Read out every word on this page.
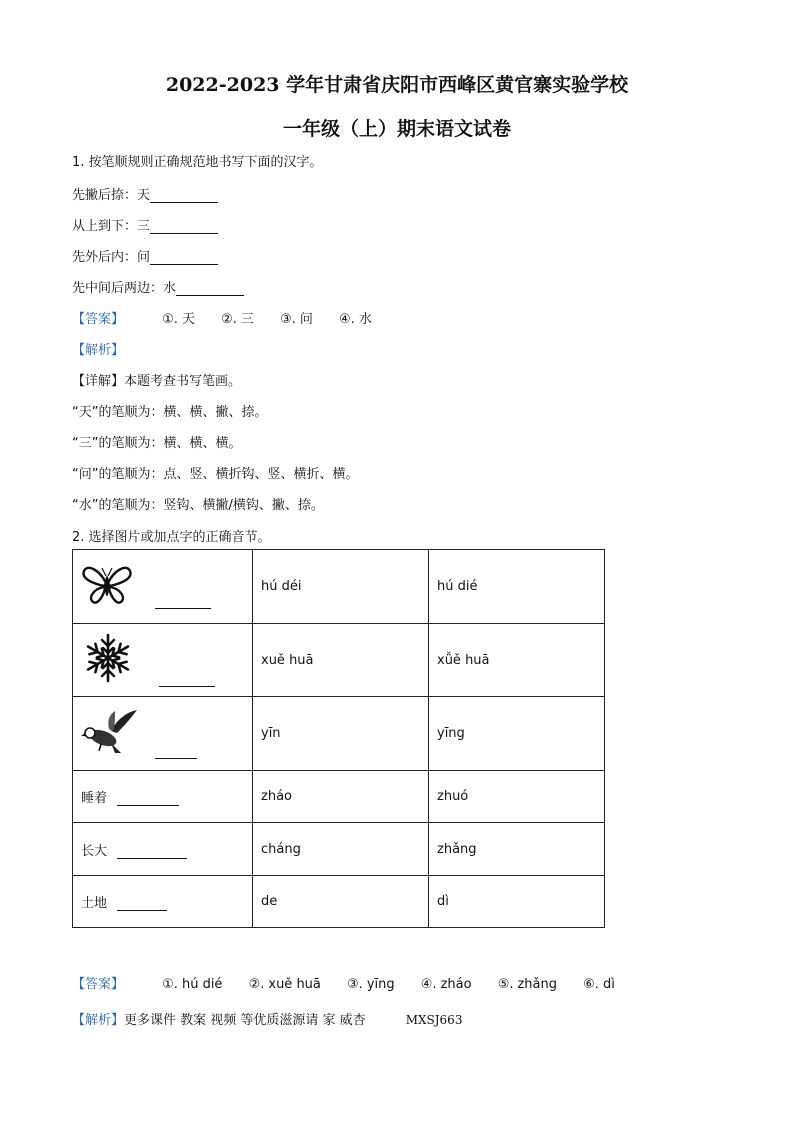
2022-2023 学年甘肃省庆阳市西峰区黄官寨实验学校
一年级（上）期末语文试卷
1. 按笔顺规则正确规范地书写下面的汉字。
先撇后捺：天
从上到下：三
先外后内：问
先中间后两边：水
【答案】	①. 天 ②. 三 ③. 问 ④. 水
【解析】
【详解】本题考查书写笔画。
“天”的笔顺为：横、横、撇、捺。
“三”的笔顺为：横、横、横。
“问”的笔顺为：点、竖、横折钩、竖、横折、横。
“水”的笔顺为：竖钩、横撇/横钩、撇、捺。
2. 选择图片或加点字的正确音节。
	hú déi	hú dié
	xuě huā	xǚě huā
	yīn	yīng
睡着	zháo	zhuó
长大	cháng	zhǎng
土地	de	dì
【答案】	①. hú dié ②. xuě huā ③. yīng ④. zháo ⑤. zhǎng ⑥. dì
【解析】更多课件 教案 视频 等优质滋源请 家 威杏	MXSJ663
